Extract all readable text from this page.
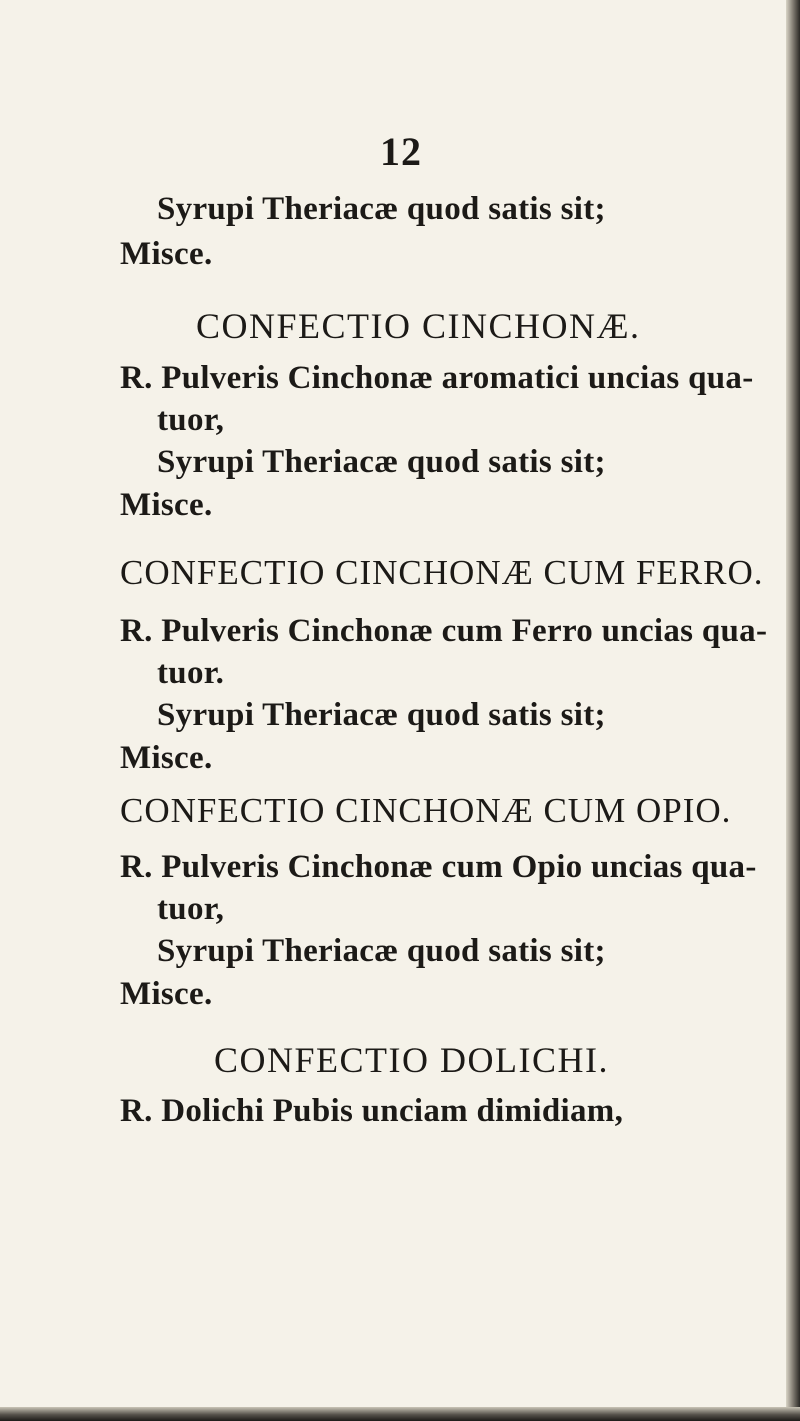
12
Syrupi Theriacæ quod satis sit;
Misce.
CONFECTIO CINCHONÆ.
R. Pulveris Cinchonæ aromatici uncias qua-
tuor,
Syrupi Theriacæ quod satis sit;
Misce.
CONFECTIO CINCHONÆ CUM FERRO.
R. Pulveris Cinchonæ cum Ferro uncias qua-
tuor.
Syrupi Theriacæ quod satis sit;
Misce.
CONFECTIO CINCHONÆ CUM OPIO.
R. Pulveris Cinchonæ cum Opio uncias qua-
tuor,
Syrupi Theriacæ quod satis sit;
Misce.
CONFECTIO DOLICHI.
R. Dolichi Pubis unciam dimidiam,
